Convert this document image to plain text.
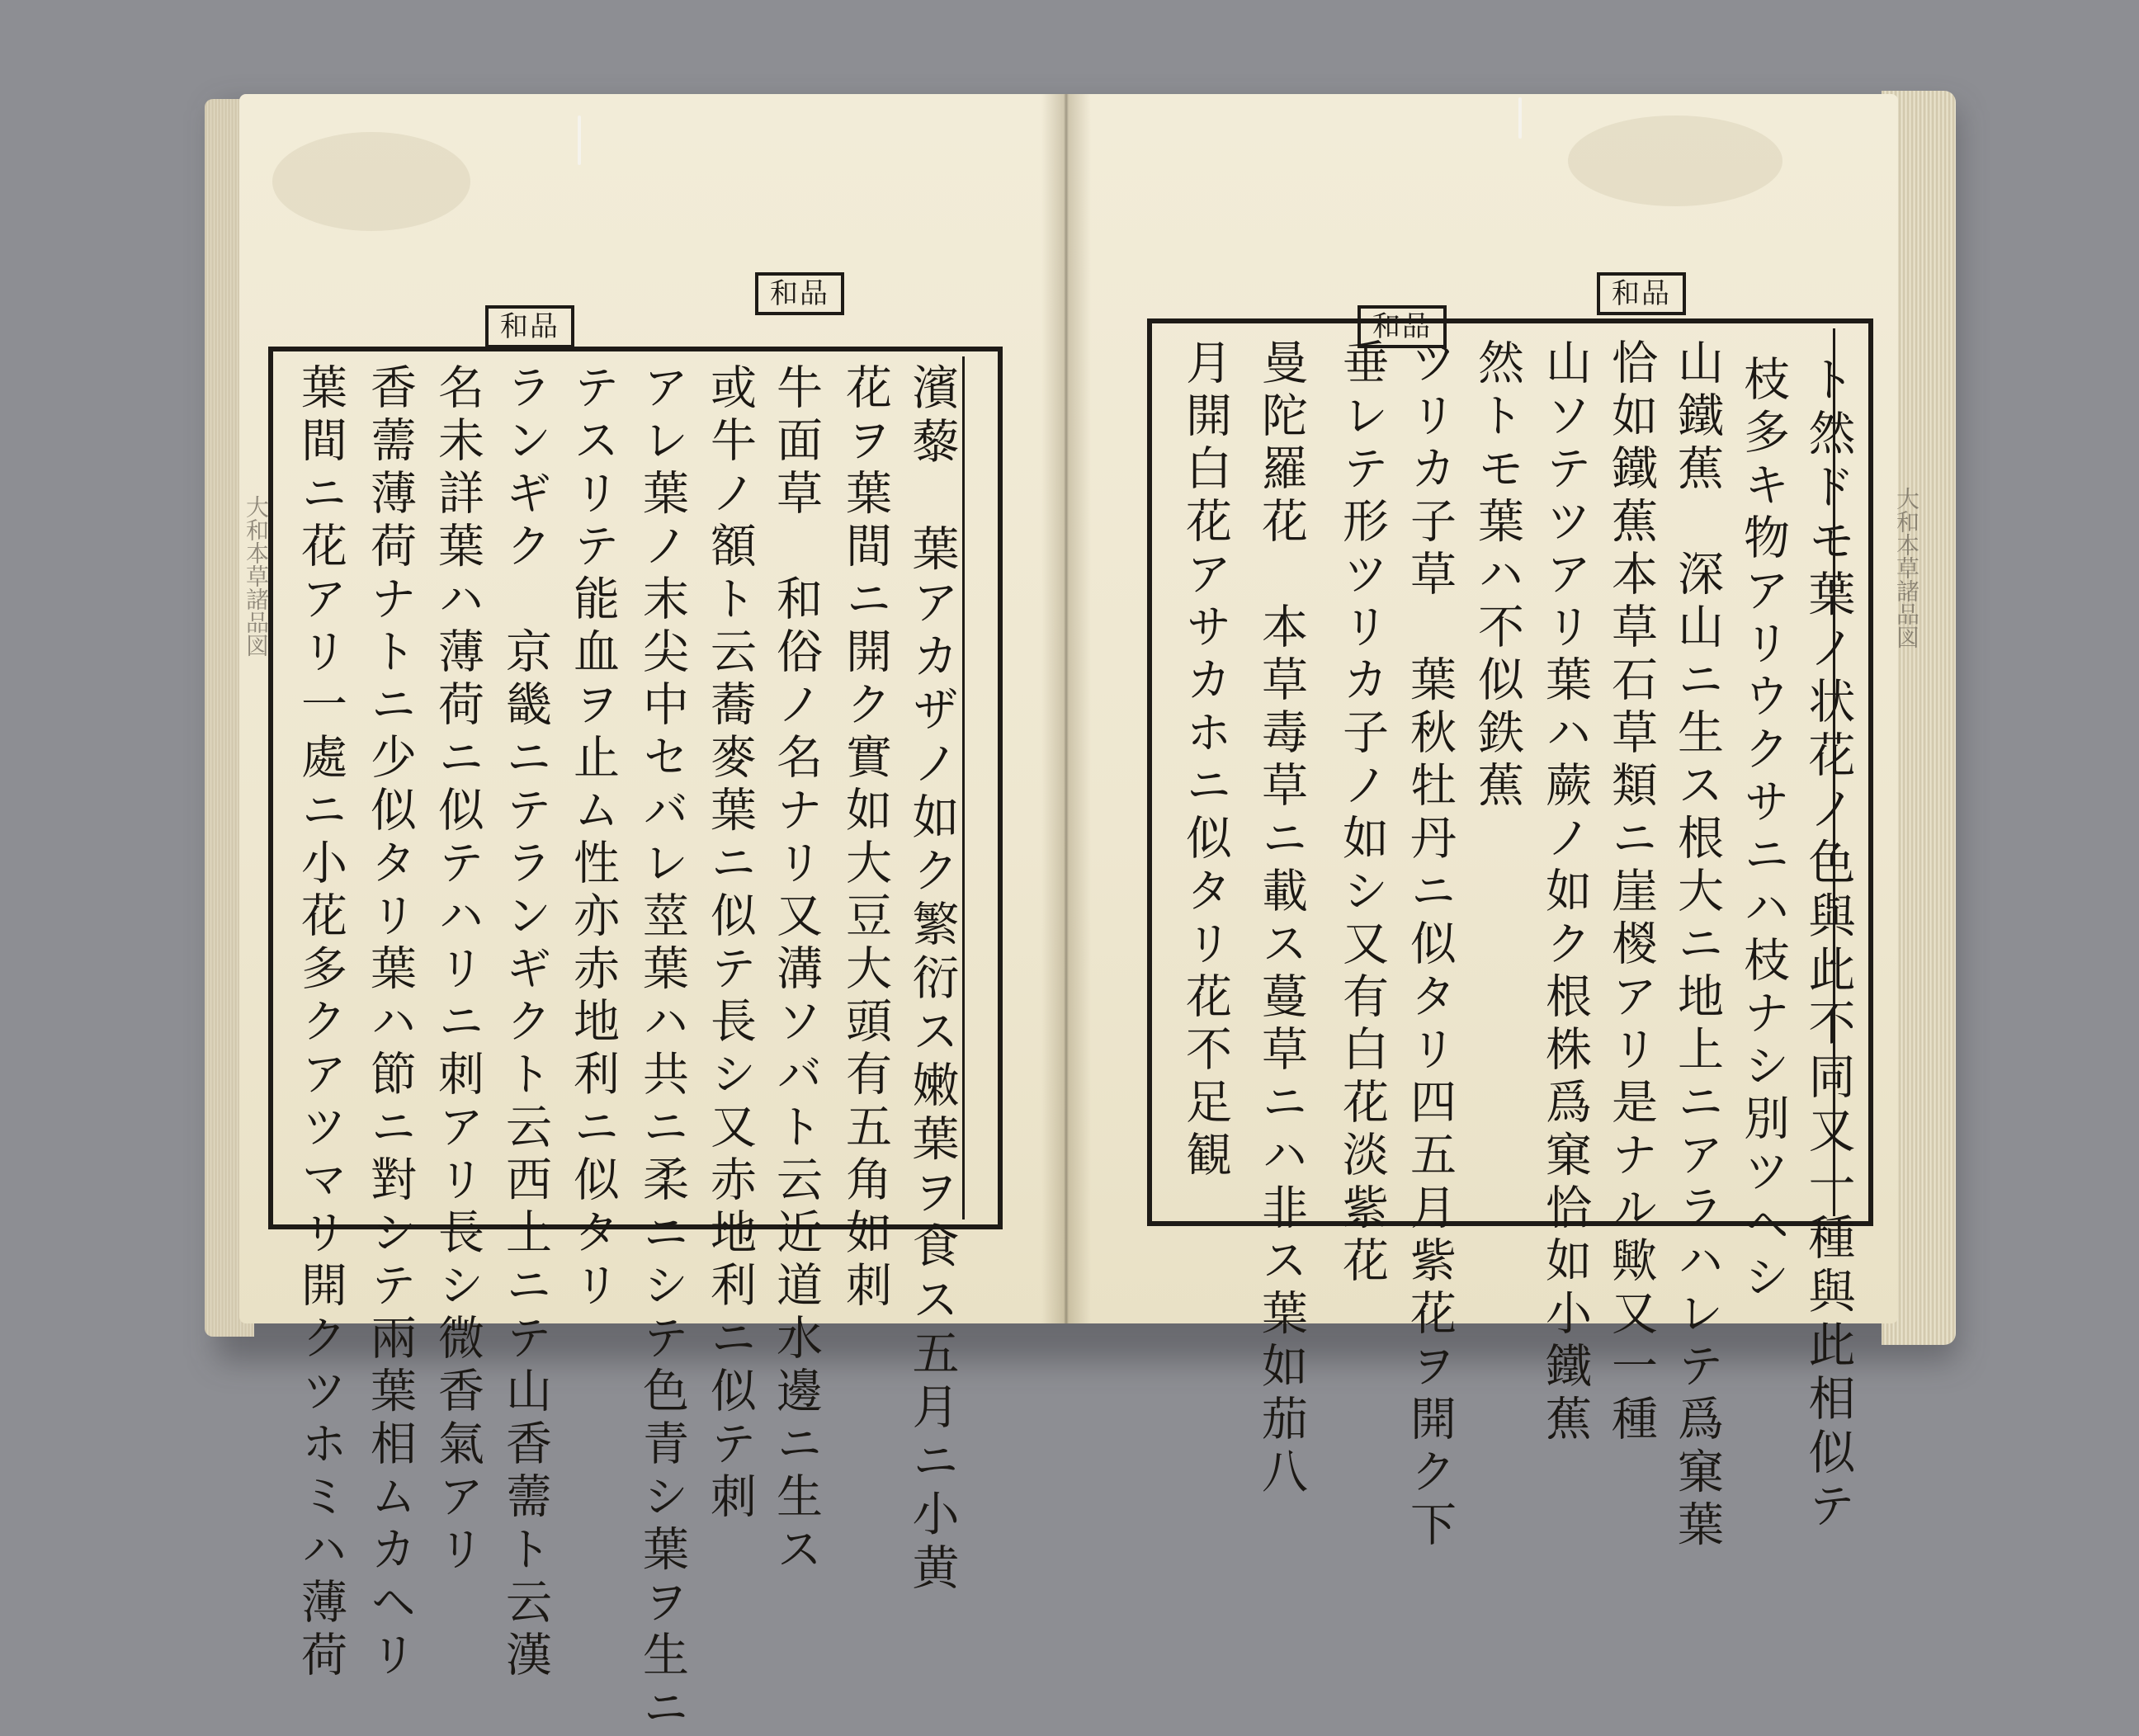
大和本草諸品図
和品
和品
濱藜　葉アカザノ如ク繁衍ス嫩葉ヲ食ス五月ニ小黄
花ヲ葉間ニ開ク實如大豆大頭有五角如刺
牛面草　和俗ノ名ナリ又溝ソバト云近道水邊ニ生ス
或牛ノ額ト云蕎麥葉ニ似テ長シ又赤地利ニ似テ刺
アレ葉ノ末尖中セバレ莖葉ハ共ニ柔ニシテ色青シ葉ヲ生ニ
テスリテ能血ヲ止ム性亦赤地利ニ似タリ
ランギク　京畿ニテランギクト云西土ニテ山香薷ト云漢
名未詳葉ハ薄荷ニ似テハリニ刺アリ長シ微香氣アリ
香薷薄荷ナトニ少似タリ葉ハ節ニ對シテ兩葉相ムカヘリ
葉間ニ花アリ一處ニ小花多クアツマリ開クツホミハ薄荷	大和本草諸品図
和品
和品
ト然ドモ葉ノ状花ノ色與此不同又一種與此相似テ
枝多キ物アリウクサニハ枝ナシ別ツヘシ
山鐵蕉　深山ニ生ス根大ニ地上ニアラハレテ爲窠葉
恰如鐵蕉本草石草類ニ崖椶アリ是ナル歟又一種
山ソテツアリ葉ハ蕨ノ如ク根株爲窠恰如小鐵蕉
然トモ葉ハ不似鉄蕉
ツリカ子草　葉秋牡丹ニ似タリ四五月紫花ヲ開ク下
垂レテ形ツリカ子ノ如シ又有白花淡紫花
曼陀羅花　本草毒草ニ載ス蔓草ニハ非ス葉如茄八
月開白花アサカホニ似タリ花不足観
